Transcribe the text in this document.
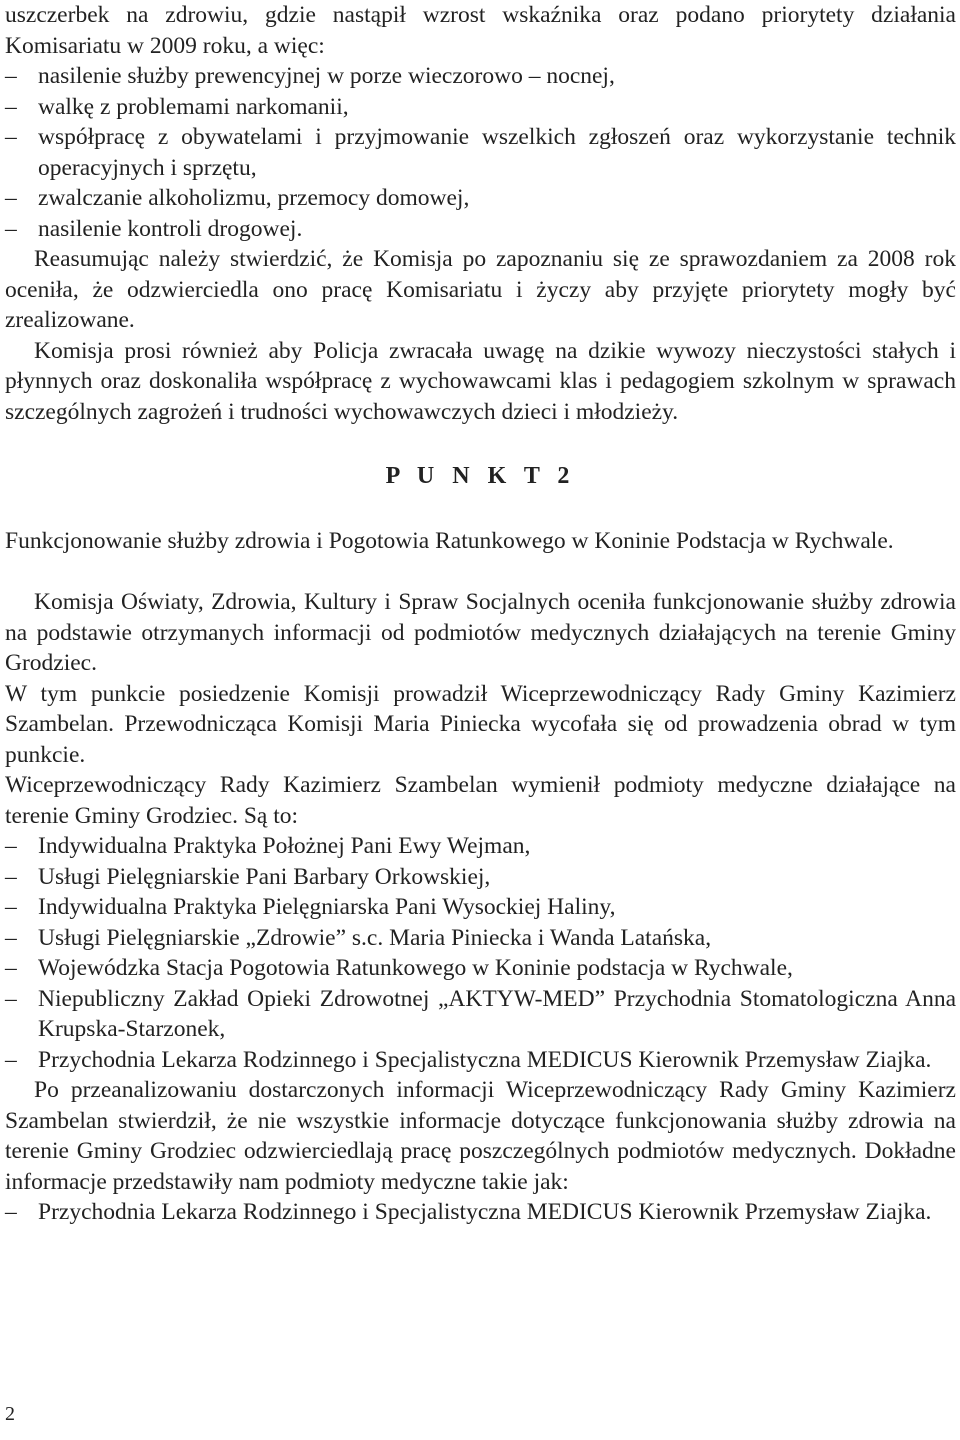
uszczerbek na zdrowiu, gdzie nastąpił wzrost wskaźnika oraz podano priorytety działania Komisariatu w 2009 roku, a więc:

– nasilenie służby prewencyjnej w porze wieczorowo – nocnej,
– walkę z problemami narkomanii,
– współpracę z obywatelami i przyjmowanie wszelkich zgłoszeń oraz wykorzystanie technik operacyjnych i sprzętu,
– zwalczanie alkoholizmu, przemocy domowej,
– nasilenie kontroli drogowej.

Reasumując należy stwierdzić, że Komisja po zapoznaniu się ze sprawozdaniem za 2008 rok oceniła, że odzwierciedla ono pracę Komisariatu i życzy aby przyjęte priorytety mogły być zrealizowane.

Komisja prosi również aby Policja zwracała uwagę na dzikie wywozy nieczystości stałych i płynnych oraz doskonaliła współpracę z wychowawcami klas i pedagogiem szkolnym w sprawach szczególnych zagrożeń i trudności wychowawczych dzieci i młodzieży.

P U N K T 2

Funkcjonowanie służby zdrowia i Pogotowia Ratunkowego w Koninie Podstacja w Rychwale.

Komisja Oświaty, Zdrowia, Kultury i Spraw Socjalnych oceniła funkcjonowanie służby zdrowia na podstawie otrzymanych informacji od podmiotów medycznych działających na terenie Gminy Grodziec.

W tym punkcie posiedzenie Komisji prowadził Wiceprzewodniczący Rady Gminy Kazimierz Szambelan. Przewodnicząca Komisji Maria Piniecka wycofała się od prowadzenia obrad w tym punkcie.

Wiceprzewodniczący Rady Kazimierz Szambelan wymienił podmioty medyczne działające na terenie Gminy Grodziec. Są to:

– Indywidualna Praktyka Położnej Pani Ewy Wejman,
– Usługi Pielęgniarskie Pani Barbary Orkowskiej,
– Indywidualna Praktyka Pielęgniarska Pani Wysockiej Haliny,
– Usługi Pielęgniarskie „Zdrowie” s.c. Maria Piniecka i Wanda Latańska,
– Wojewódzka Stacja Pogotowia Ratunkowego w Koninie podstacja w Rychwale,
– Niepubliczny Zakład Opieki Zdrowotnej „AKTYW-MED” Przychodnia Stomatologiczna Anna Krupska-Starzonek,
– Przychodnia Lekarza Rodzinnego i Specjalistyczna MEDICUS Kierownik Przemysław Ziajka.

Po przeanalizowaniu dostarczonych informacji Wiceprzewodniczący Rady Gminy Kazimierz Szambelan stwierdził, że nie wszystkie informacje dotyczące funkcjonowania służby zdrowia na terenie Gminy Grodziec odzwierciedlają pracę poszczególnych podmiotów medycznych. Dokładne informacje przedstawiły nam podmioty medyczne takie jak:

– Przychodnia Lekarza Rodzinnego i Specjalistyczna MEDICUS Kierownik Przemysław Ziajka.
2
